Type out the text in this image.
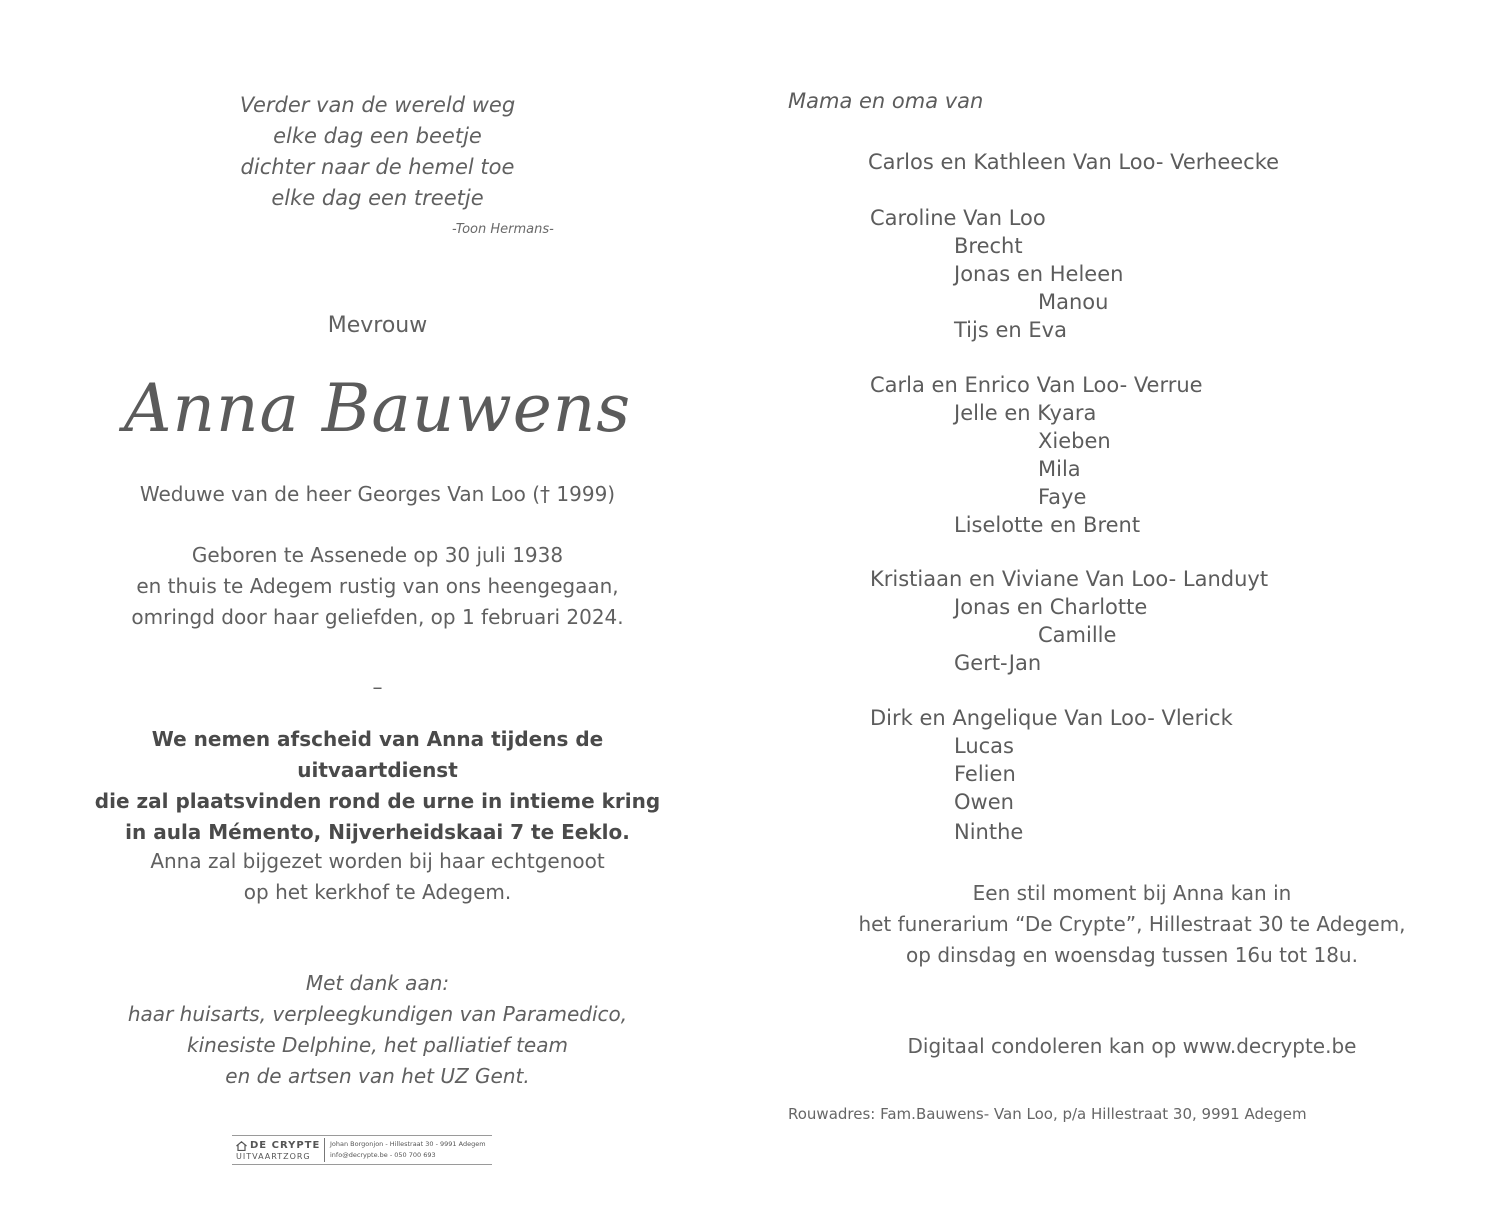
Verder van de wereld weg
elke dag een beetje
dichter naar de hemel toe
elke dag een treetje
-Toon Hermans-
Mevrouw
Anna Bauwens
Weduwe van de heer Georges Van Loo († 1999)
Geboren te Assenede op 30 juli 1938
en thuis te Adegem rustig van ons heengegaan,
omringd door haar geliefden, op 1 februari 2024.
–
We nemen afscheid van Anna tijdens de uitvaartdienst
die zal plaatsvinden rond de urne in intieme kring
in aula Mémento, Nijverheidskaai 7 te Eeklo.
Anna zal bijgezet worden bij haar echtgenoot
op het kerkhof te Adegem.
Met dank aan:
haar huisarts, verpleegkundigen van Paramedico,
kinesiste Delphine, het palliatief team
en de artsen van het UZ Gent.
DE CRYPTE
UITVAARTZORG
Johan Borgonjon - Hillestraat 30 - 9991 Adegem
info@decrypte.be - 050 700 693
Mama en oma van
Carlos en Kathleen Van Loo- Verheecke
Caroline Van Loo
Brecht
Jonas en Heleen
Manou
Tijs en Eva
Carla en Enrico Van Loo- Verrue
Jelle en Kyara
Xieben
Mila
Faye
Liselotte en Brent
Kristiaan en Viviane Van Loo- Landuyt
Jonas en Charlotte
Camille
Gert-Jan
Dirk en Angelique Van Loo- Vlerick
Lucas
Felien
Owen
Ninthe
Een stil moment bij Anna kan in
het funerarium “De Crypte”, Hillestraat 30 te Adegem,
op dinsdag en woensdag tussen 16u tot 18u.
Digitaal condoleren kan op www.decrypte.be
Rouwadres: Fam.Bauwens- Van Loo, p/a Hillestraat 30, 9991 Adegem
